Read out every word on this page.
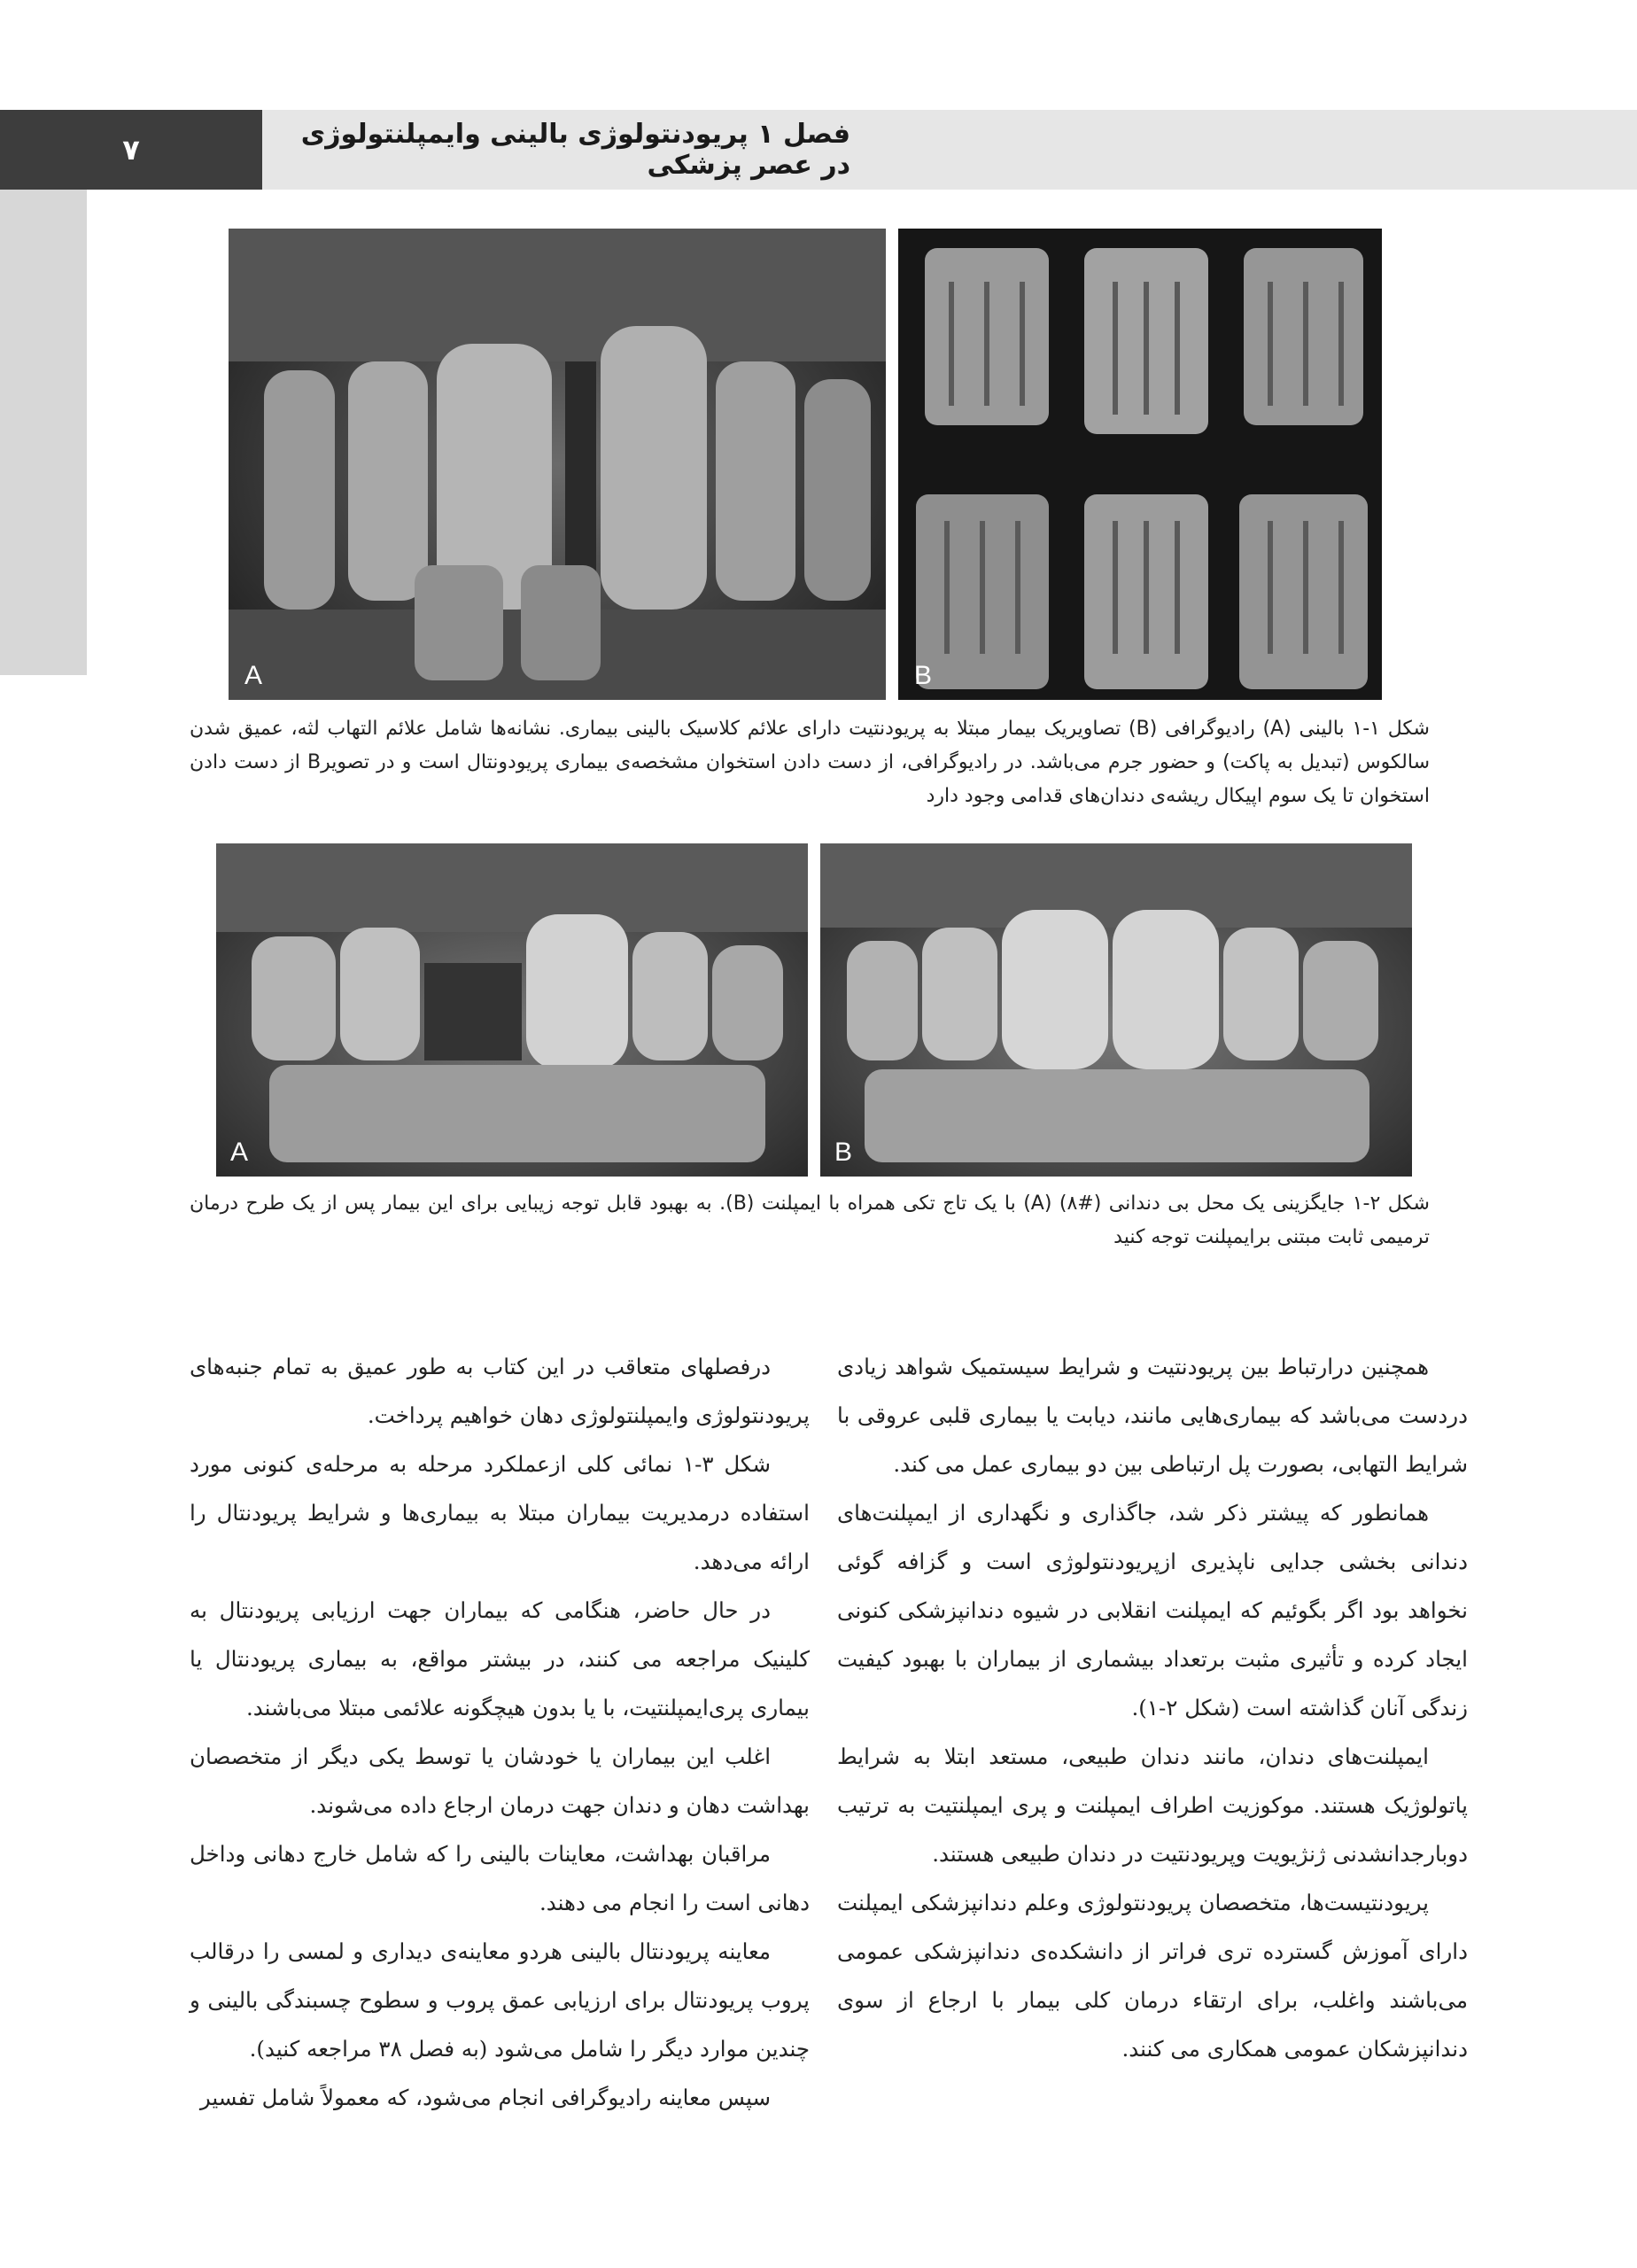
۷	فصل ۱ پریودنتولوژی بالینی وایمپلنتولوژی در عصر پزشکی
A	B
شکل ۱-۱ بالینی (A) رادیوگرافی (B) تصاویریک بیمار مبتلا به پریودنتیت دارای علائم کلاسیک بالینی بیماری. نشانه‌ها شامل علائم التهاب لثه، عمیق شدن سالکوس (تبدیل به پاکت) و حضور جرم می‌باشد. در رادیوگرافی، از دست دادن استخوان مشخصه‌ی بیماری پریودونتال است و در تصویرB از دست دادن استخوان تا یک سوم اپیکال ریشه‌ی دندان‌های قدامی وجود دارد
A	B
شکل ۲-۱ جایگزینی یک محل بی دندانی (#۸) (A) با یک تاج تکی همراه با ایمپلنت (B). به بهبود قابل توجه زیبایی برای این بیمار پس از یک طرح درمان ترمیمی ثابت مبتنی برایمپلنت توجه کنید

همچنین درارتباط بین پریودنتیت و شرایط سیستمیک شواهد زیادی دردست می‌باشد که بیماری‌هایی مانند، دیابت یا بیماری قلبی عروقی با شرایط التهابی، بصورت پل ارتباطی بین دو بیماری عمل می کند.

همانطور که پیشتر ذکر شد، جاگذاری و نگهداری از ایمپلنت‌های دندانی بخشی جدایی ناپذیری ازپریودنتولوژی است و گزافه گوئی نخواهد بود اگر بگوئیم که ایمپلنت انقلابی در شیوه دندانپزشکی کنونی ایجاد کرده و تأثیری مثبت برتعداد بیشماری از بیماران با بهبود کیفیت زندگی آنان گذاشته است (شکل ۲-۱).

ایمپلنت‌های دندان، مانند دندان طبیعی، مستعد ابتلا به شرایط پاتولوژیک هستند. موکوزیت اطراف ایمپلنت و پری ایمپلنتیت به ترتیب دوبارجدانشدنی ژنژیویت وپریودنتیت در دندان طبیعی هستند.

پریودنتیست‌ها، متخصصان پریودنتولوژی وعلم دندانپزشکی ایمپلنت دارای آموزش گسترده تری فراتر از دانشکده‌ی دندانپزشکی عمومی می‌باشند واغلب، برای ارتقاء درمان کلی بیمار با ارجاع از سوی دندانپزشکان عمومی همکاری می کنند.

درفصلهای متعاقب در این کتاب به طور عمیق به تمام جنبه‌های پریودنتولوژی وایمپلنتولوژی دهان خواهیم پرداخت.

شکل ۳-۱ نمائی کلی ازعملکرد مرحله به مرحله‌ی کنونی مورد استفاده درمدیریت بیماران مبتلا به بیماری‌ها و شرایط پریودنتال را ارائه می‌دهد.

در حال حاضر، هنگامی که بیماران جهت ارزیابی پریودنتال به کلینیک مراجعه می کنند، در بیشتر مواقع، به بیماری پریودنتال یا بیماری پری‌ایمپلنتیت، با یا بدون هیچگونه علائمی مبتلا می‌باشند.

اغلب این بیماران یا خودشان یا توسط یکی دیگر از متخصصان بهداشت دهان و دندان جهت درمان ارجاع داده می‌شوند.

مراقبان بهداشت، معاینات بالینی را که شامل خارج دهانی وداخل دهانی است را انجام می دهند.

معاینه پریودنتال بالینی هردو معاینه‌ی دیداری و لمسی را درقالب پروب پریودنتال برای ارزیابی عمق پروب و سطوح چسبندگی بالینی و چندین موارد دیگر را شامل می‌شود (به فصل ۳۸ مراجعه کنید).

سپس معاینه رادیوگرافی انجام می‌شود، که معمولاً شامل تفسیر
